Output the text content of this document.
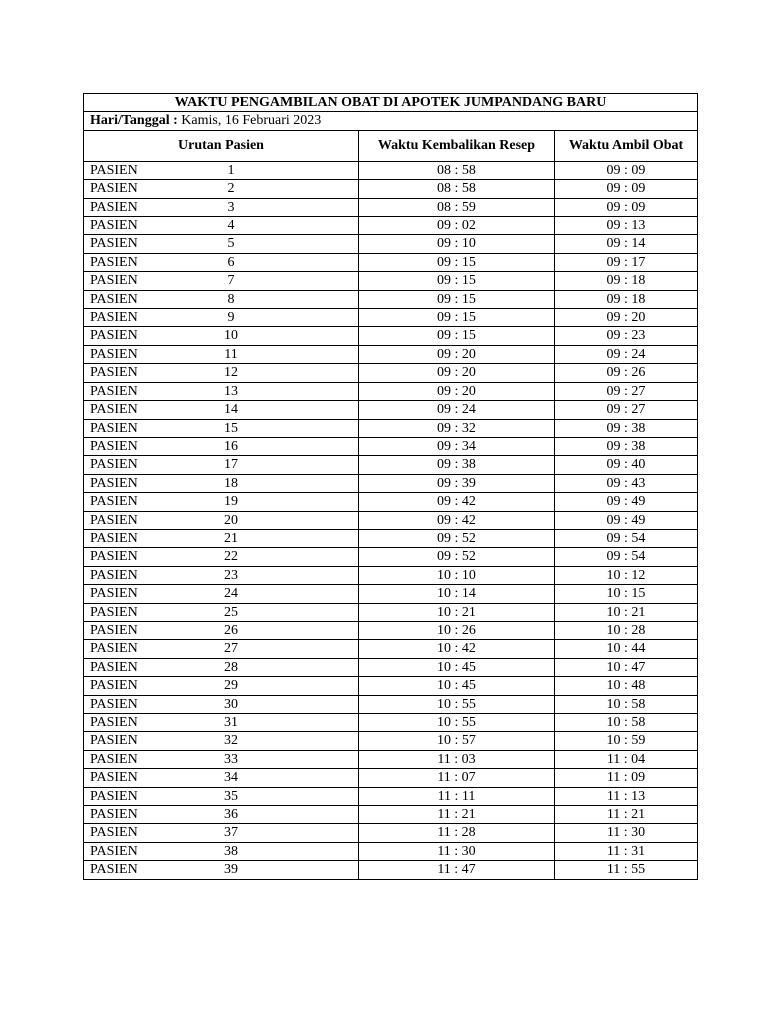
WAKTU PENGAMBILAN OBAT DI APOTEK JUMPANDANG BARU		
Hari/Tanggal : Kamis, 16 Februari 2023		
Urutan Pasien	Waktu Kembalikan Resep	Waktu Ambil Obat

PASIEN 1	08 : 58	09 : 09

PASIEN 2	08 : 58	09 : 09

PASIEN 3	08 : 59	09 : 09

PASIEN 4	09 : 02	09 : 13

PASIEN 5	09 : 10	09 : 14

PASIEN 6	09 : 15	09 : 17

PASIEN 7	09 : 15	09 : 18

PASIEN 8	09 : 15	09 : 18

PASIEN 9	09 : 15	09 : 20

PASIEN 10	09 : 15	09 : 23

PASIEN 11	09 : 20	09 : 24

PASIEN 12	09 : 20	09 : 26

PASIEN 13	09 : 20	09 : 27

PASIEN 14	09 : 24	09 : 27

PASIEN 15	09 : 32	09 : 38

PASIEN 16	09 : 34	09 : 38

PASIEN 17	09 : 38	09 : 40

PASIEN 18	09 : 39	09 : 43

PASIEN 19	09 : 42	09 : 49

PASIEN 20	09 : 42	09 : 49

PASIEN 21	09 : 52	09 : 54

PASIEN 22	09 : 52	09 : 54

PASIEN 23	10 : 10	10 : 12

PASIEN 24	10 : 14	10 : 15

PASIEN 25	10 : 21	10 : 21

PASIEN 26	10 : 26	10 : 28

PASIEN 27	10 : 42	10 : 44

PASIEN 28	10 : 45	10 : 47

PASIEN 29	10 : 45	10 : 48

PASIEN 30	10 : 55	10 : 58

PASIEN 31	10 : 55	10 : 58

PASIEN 32	10 : 57	10 : 59

PASIEN 33	11 : 03	11 : 04

PASIEN 34	11 : 07	11 : 09

PASIEN 35	11 : 11	11 : 13

PASIEN 36	11 : 21	11 : 21

PASIEN 37	11 : 28	11 : 30

PASIEN 38	11 : 30	11 : 31

PASIEN 39	11 : 47	11 : 55
